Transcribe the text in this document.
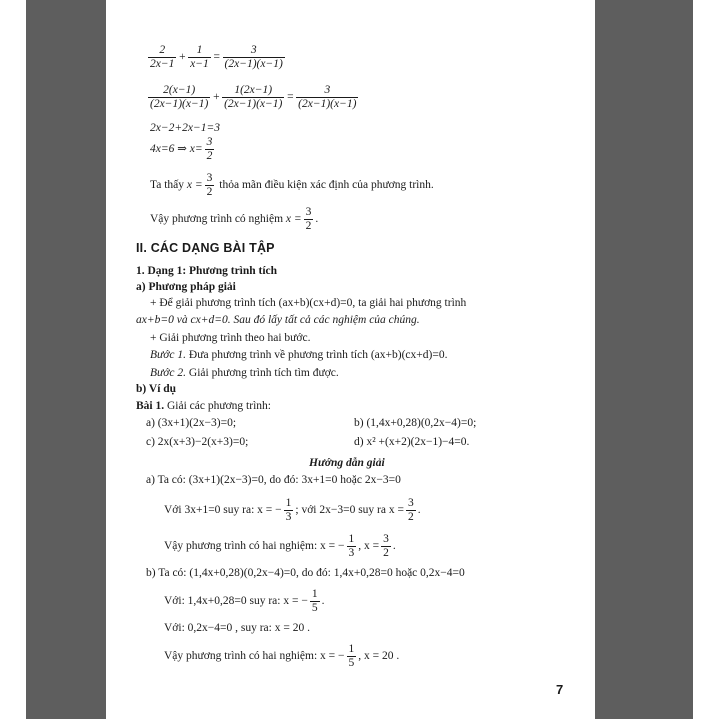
$\frac{2}{2x-1} + \frac{1}{x-1} = \frac{3}{(2x-1)(x-1)}$
$\frac{2(x-1)}{(2x-1)(x-1)} + \frac{1(2x-1)}{(2x-1)(x-1)} = \frac{3}{(2x-1)(x-1)}$
2x−2+2x−1=3
4x=6 ⇒ $x= \frac{3}{2}$
Ta thấy $x = \frac{3}{2}$ thỏa mãn điều kiện xác định của phương trình.
Vậy phương trình có nghiệm $x = \frac{3}{2}$ .
II. CÁC DẠNG BÀI TẬP
1. Dạng 1: Phương trình tích
a) Phương pháp giải
+ Để giải phương trình tích (ax+b)(cx+d)=0, ta giải hai phương trình
ax+b=0 và cx+d=0. Sau đó lấy tất cả các nghiệm của chúng.
+ Giải phương trình theo hai bước.
Bước 1. Đưa phương trình về phương trình tích (ax+b)(cx+d)=0.
Bước 2. Giải phương trình tích tìm được.
b) Ví dụ
Bài 1. Giải các phương trình:
a) (3x+1)(2x−3)=0;	b) (1,4x+0,28)(0,2x−4)=0;
c) 2x(x+3)−2(x+3)=0;	d) x² +(x+2)(2x−1)−4=0.
Hướng dẫn giải
a) Ta có: (3x+1)(2x−3)=0, do đó: 3x+1=0 hoặc 2x−3=0
Với 3x+1=0 suy ra: x = − $\frac{1}{3}$ ; với 2x−3=0 suy ra $x = \frac{3}{2}$ .
Vậy phương trình có hai nghiệm: x = − $\frac{1}{3}$ , $x = \frac{3}{2}$ .
b) Ta có: (1,4x+0,28)(0,2x−4)=0, do đó: 1,4x+0,28=0 hoặc 0,2x−4=0
Với: 1,4x+0,28=0 suy ra: x = − $\frac{1}{5}$ .
Với: 0,2x−4=0 , suy ra: x = 20 .
Vậy phương trình có hai nghiệm: x = − $\frac{1}{5}$ , x = 20 .
7
